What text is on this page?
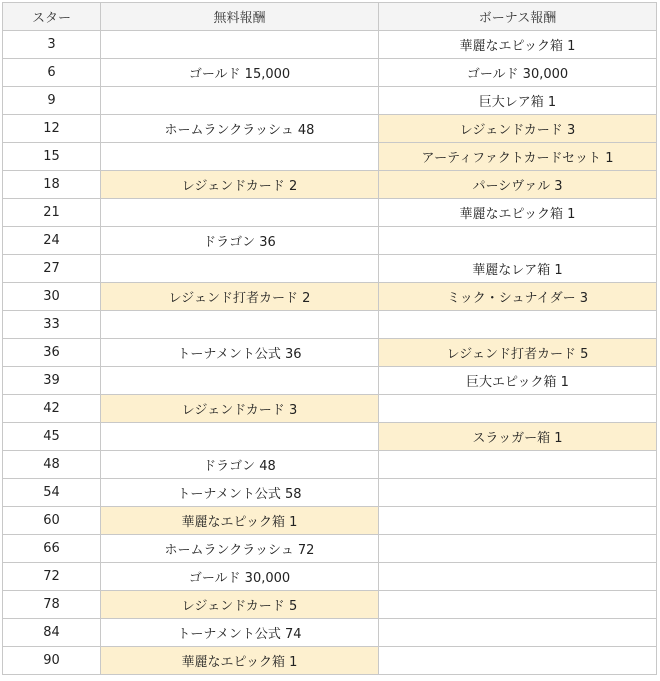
スター	無料報酬	ボーナス報酬
3		華麗なエピック箱 1
6	ゴールド 15,000	ゴールド 30,000
9		巨大レア箱 1
12	ホームランクラッシュ 48	レジェンドカード 3
15		アーティファクトカードセット 1
18	レジェンドカード 2	パーシヴァル 3
21		華麗なエピック箱 1
24	ドラゴン 36	
27		華麗なレア箱 1
30	レジェンド打者カード 2	ミック・シュナイダー 3
33		
36	トーナメント公式 36	レジェンド打者カード 5
39		巨大エピック箱 1
42	レジェンドカード 3	
45		スラッガー箱 1
48	ドラゴン 48	
54	トーナメント公式 58	
60	華麗なエピック箱 1	
66	ホームランクラッシュ 72	
72	ゴールド 30,000	
78	レジェンドカード 5	
84	トーナメント公式 74	
90	華麗なエピック箱 1	
